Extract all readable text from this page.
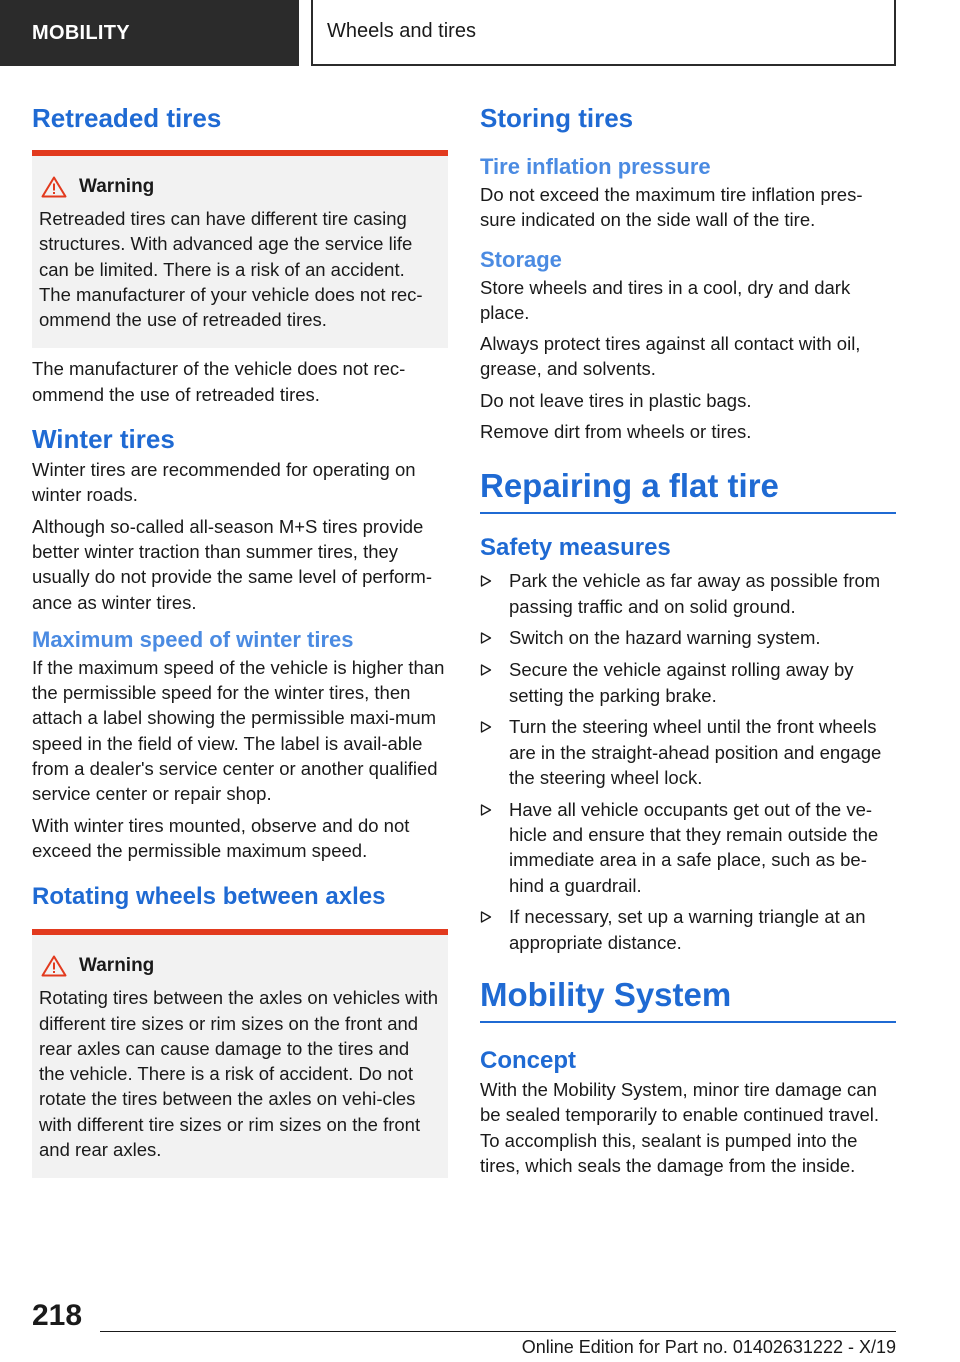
MOBILITY	Wheels and tires
Retreaded tires
Warning
Retreaded tires can have different tire casing structures. With advanced age the service life can be limited. There is a risk of an accident. The manufacturer of your vehicle does not rec-ommend the use of retreaded tires.
The manufacturer of the vehicle does not rec-ommend the use of retreaded tires.
Winter tires
Winter tires are recommended for operating on winter roads.
Although so-called all-season M+S tires provide better winter traction than summer tires, they usually do not provide the same level of perform-ance as winter tires.
Maximum speed of winter tires
If the maximum speed of the vehicle is higher than the permissible speed for the winter tires, then attach a label showing the permissible maxi-mum speed in the field of view. The label is avail-able from a dealer's service center or another qualified service center or repair shop.
With winter tires mounted, observe and do not exceed the permissible maximum speed.
Rotating wheels between axles
Warning
Rotating tires between the axles on vehicles with different tire sizes or rim sizes on the front and rear axles can cause damage to the tires and the vehicle. There is a risk of accident. Do not rotate the tires between the axles on vehi-cles with different tire sizes or rim sizes on the front and rear axles.
Storing tires
Tire inflation pressure
Do not exceed the maximum tire inflation pres-sure indicated on the side wall of the tire.
Storage
Store wheels and tires in a cool, dry and dark place.
Always protect tires against all contact with oil, grease, and solvents.
Do not leave tires in plastic bags.
Remove dirt from wheels or tires.
Repairing a flat tire
Safety measures
Park the vehicle as far away as possible from passing traffic and on solid ground.
Switch on the hazard warning system.
Secure the vehicle against rolling away by setting the parking brake.
Turn the steering wheel until the front wheels are in the straight-ahead position and engage the steering wheel lock.
Have all vehicle occupants get out of the ve-hicle and ensure that they remain outside the immediate area in a safe place, such as be-hind a guardrail.
If necessary, set up a warning triangle at an appropriate distance.
Mobility System
Concept
With the Mobility System, minor tire damage can be sealed temporarily to enable continued travel. To accomplish this, sealant is pumped into the tires, which seals the damage from the inside.
218
Online Edition for Part no. 01402631222 - X/19
